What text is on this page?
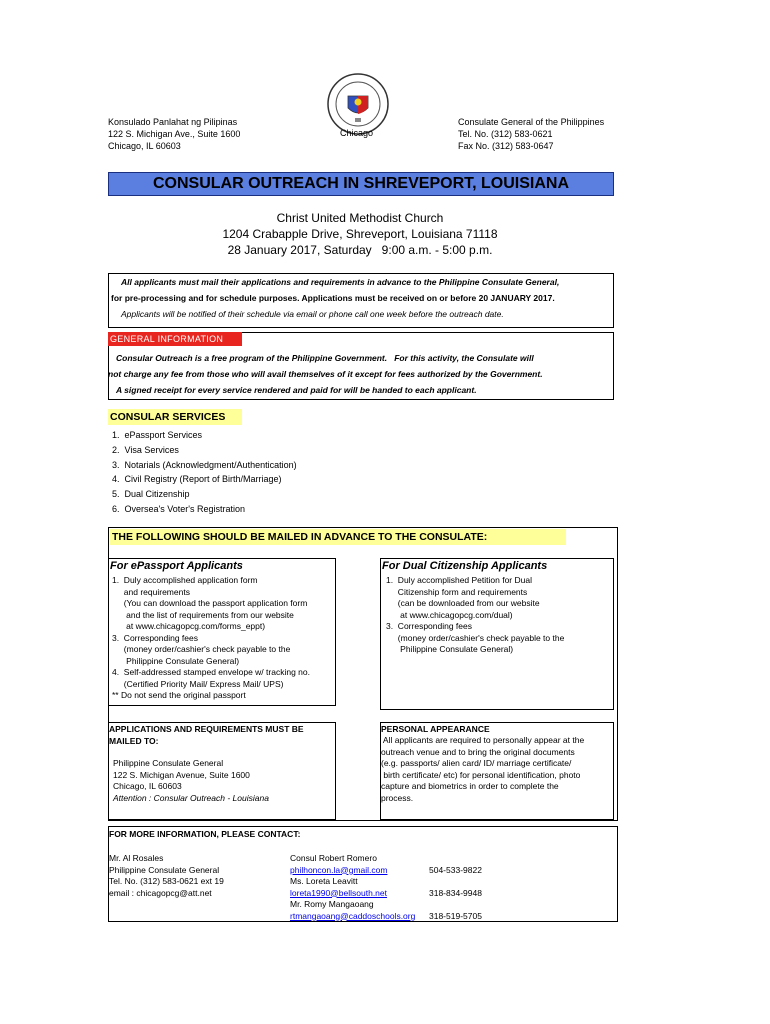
Konsulado Panlahat ng Pilipinas
122 S. Michigan Ave., Suite 1600
Chicago, IL 60603
Chicago
Consulate General of the Philippines
Tel. No. (312) 583-0621
Fax No. (312) 583-0647
CONSULAR OUTREACH IN SHREVEPORT, LOUISIANA
Christ United Methodist Church
1204 Crabapple Drive, Shreveport, Louisiana 71118
28 January 2017, Saturday   9:00 a.m. - 5:00 p.m.

All applicants must mail their applications and requirements in advance to the Philippine Consulate General,

for pre-processing and for schedule purposes. Applications must be received on or before 20 JANUARY 2017.

Applicants will be notified of their schedule via email or phone call one week before the outreach date.

GENERAL INFORMATION
Consular Outreach is a free program of the Philippine Government.   For this activity, the Consulate will
not charge any fee from those who will avail themselves of it except for fees authorized by the Government.
A signed receipt for every service rendered and paid for will be handed to each applicant.
CONSULAR SERVICES
1.  ePassport Services
2.  Visa Services
3.  Notarials (Acknowledgment/Authentication)
4.  Civil Registry (Report of Birth/Marriage)
5.  Dual Citizenship
6.  Oversea's Voter's Registration
THE FOLLOWING SHOULD BE MAILED IN ADVANCE TO THE CONSULATE:
For ePassport Applicants
1.  Duly accomplished application form
and requirements
(You can download the passport application form
and the list of requirements from our website
at www.chicagopcg.com/forms_eppt)
3.  Corresponding fees
(money order/cashier's check payable to the
Philippine Consulate General)
4.  Self-addressed stamped envelope w/ tracking no.
(Certified Priority Mail/ Express Mail/ UPS)
** Do not send the original passport
For Dual Citizenship Applicants
1.  Duly accomplished Petition for Dual
Citizenship form and requirements
(can be downloaded from our website
at www.chicagopcg.com/dual)
3.  Corresponding fees
(money order/cashier's check payable to the
Philippine Consulate General)
APPLICATIONS AND REQUIREMENTS MUST BE
MAILED TO:
Philippine Consulate General
122 S. Michigan Avenue, Suite 1600
Chicago, IL 60603
Attention : Consular Outreach - Louisiana
PERSONAL APPEARANCE
All applicants are required to personally appear at the
outreach venue and to bring the original documents
(e.g. passports/ alien card/ ID/ marriage certificate/
birth certificate/ etc) for personal identification, photo
capture and biometrics in order to complete the
process.
FOR MORE INFORMATION, PLEASE CONTACT:
Mr. Al Rosales
Philippine Consulate General
Tel. No. (312) 583-0621 ext 19
email : chicagopcg@att.net
Consul Robert Romero
philhoncon.la@gmail.com
Ms. Loreta Leavitt
loreta1990@bellsouth.net
Mr. Romy Mangaoang
rtmangaoang@caddoschools.org
504-533-9822
318-834-9948
318-519-5705
